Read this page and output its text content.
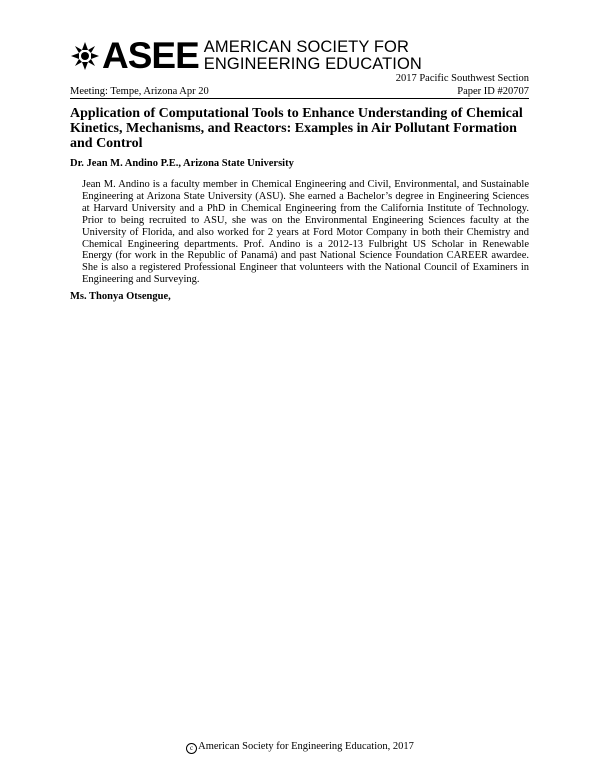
ASEE AMERICAN SOCIETY FOR
ENGINEERING EDUCATION
2017 Pacific Southwest Section
Meeting: Tempe, Arizona Apr 20	Paper ID #20707
Application of Computational Tools to Enhance Understanding of Chemical Kinetics, Mechanisms, and Reactors: Examples in Air Pollutant Formation and Control
Dr. Jean M. Andino P.E., Arizona State University

Jean M. Andino is a faculty member in Chemical Engineering and Civil, Environmental, and Sustainable Engineering at Arizona State University (ASU). She earned a Bachelor’s degree in Engineering Sciences at Harvard University and a PhD in Chemical Engineering from the California Institute of Technology. Prior to being recruited to ASU, she was on the Environmental Engineering Sciences faculty at the University of Florida, and also worked for 2 years at Ford Motor Company in both their Chemistry and Chemical Engineering departments. Prof. Andino is a 2012-13 Fulbright US Scholar in Renewable Energy (for work in the Republic of Panamá) and past National Science Foundation CAREER awardee. She is also a registered Professional Engineer that volunteers with the National Council of Examiners in Engineering and Surveying.

Ms. Thonya Otsengue,
c American Society for Engineering Education, 2017
